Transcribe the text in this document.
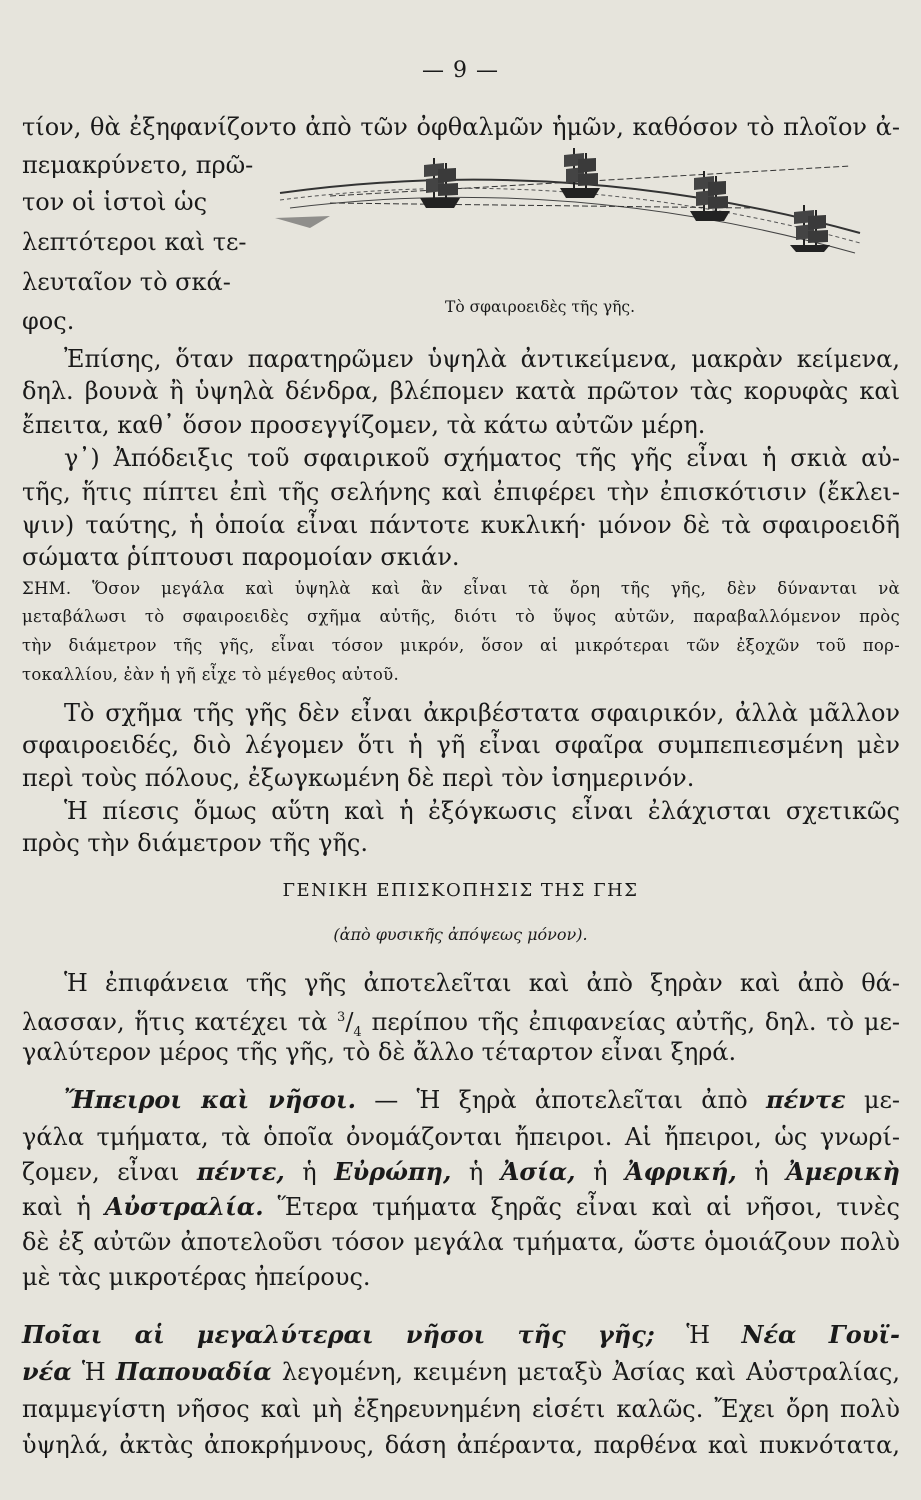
— 9 —
τίον, θὰ ἐξηφανίζοντο ἀπὸ τῶν ὀφθαλμῶν ἡμῶν, καθόσον τὸ πλοῖον ἀ-
πεμακρύνετο, πρῶ-
τον οἱ ἱστοὶ ὡς
λεπτότεροι καὶ τε-
λευταῖον τὸ σκά-
φος.	Τὸ σφαιροειδὲς τῆς γῆς.
Ἐπίσης, ὅταν παρατηρῶμεν ὑψηλὰ ἀντικείμενα, μακρὰν κείμενα,
δηλ. βουνὰ ἢ ὑψηλὰ δένδρα, βλέπομεν κατὰ πρῶτον τὰς κορυφὰς καὶ
ἔπειτα, καθ᾿ ὅσον προσεγγίζομεν, τὰ κάτω αὐτῶν μέρη.
γ᾿) Ἀπόδειξις τοῦ σφαιρικοῦ σχήματος τῆς γῆς εἶναι ἡ σκιὰ αὐ-
τῆς, ἥτις πίπτει ἐπὶ τῆς σελήνης καὶ ἐπιφέρει τὴν ἐπισκότισιν (ἔκλει-
ψιν) ταύτης, ἡ ὁποία εἶναι πάντοτε κυκλική· μόνον δὲ τὰ σφαιροειδῆ
σώματα ῥίπτουσι παρομοίαν σκιάν.
ΣΗΜ. Ὅσον μεγάλα καὶ ὑψηλὰ καὶ ἂν εἶναι τὰ ὄρη τῆς γῆς, δὲν δύνανται νὰ
μεταβάλωσι τὸ σφαιροειδὲς σχῆμα αὐτῆς, διότι τὸ ὕψος αὐτῶν, παραβαλλόμενον πρὸς
τὴν διάμετρον τῆς γῆς, εἶναι τόσον μικρόν, ὅσον αἱ μικρότεραι τῶν ἐξοχῶν τοῦ πορ-
τοκαλλίου, ἐὰν ἡ γῆ εἶχε τὸ μέγεθος αὐτοῦ.
Τὸ σχῆμα τῆς γῆς δὲν εἶναι ἀκριβέστατα σφαιρικόν, ἀλλὰ μᾶλλον
σφαιροειδές, διὸ λέγομεν ὅτι ἡ γῆ εἶναι σφαῖρα συμπεπιεσμένη μὲν
περὶ τοὺς πόλους, ἐξωγκωμένη δὲ περὶ τὸν ἰσημερινόν.
Ἡ πίεσις ὅμως αὕτη καὶ ἡ ἐξόγκωσις εἶναι ἐλάχισται σχετικῶς
πρὸς τὴν διάμετρον τῆς γῆς.
ΓΕΝΙΚΗ ΕΠΙΣΚΟΠΗΣΙΣ ΤΗΣ ΓΗΣ
(ἀπὸ φυσικῆς ἀπόψεως μόνον).
Ἡ ἐπιφάνεια τῆς γῆς ἀποτελεῖται καὶ ἀπὸ ξηρὰν καὶ ἀπὸ θά-
λασσαν, ἥτις κατέχει τὰ $^3/_4$ περίπου τῆς ἐπιφανείας αὐτῆς, δηλ. τὸ με-
γαλύτερον μέρος τῆς γῆς, τὸ δὲ ἄλλο τέταρτον εἶναι ξηρά.
Ἤπειροι καὶ νῆσοι. — Ἡ ξηρὰ ἀποτελεῖται ἀπὸ πέντε με-
γάλα τμήματα, τὰ ὁποῖα ὀνομάζονται ἤπειροι. Αἱ ἤπειροι, ὡς γνωρί-
ζομεν, εἶναι πέντε, ἡ Εὐρώπη, ἡ Ἀσία, ἡ Ἀφρική, ἡ Ἀμερικὴ
καὶ ἡ Αὐστραλία. Ἕτερα τμήματα ξηρᾶς εἶναι καὶ αἱ νῆσοι, τινὲς
δὲ ἐξ αὐτῶν ἀποτελοῦσι τόσον μεγάλα τμήματα, ὥστε ὁμοιάζουν πολὺ
μὲ τὰς μικροτέρας ἠπείρους.
Ποῖαι αἱ μεγαλύτεραι νῆσοι τῆς γῆς; Ἡ Νέα Γουϊ-
νέα Ἡ Παπουαδία λεγομένη, κειμένη μεταξὺ Ἀσίας καὶ Αὐστραλίας,
παμμεγίστη νῆσος καὶ μὴ ἐξηρευνημένη εἰσέτι καλῶς. Ἔχει ὄρη πολὺ
ὑψηλά, ἀκτὰς ἀποκρήμνους, δάση ἀπέραντα, παρθένα καὶ πυκνότατα,
